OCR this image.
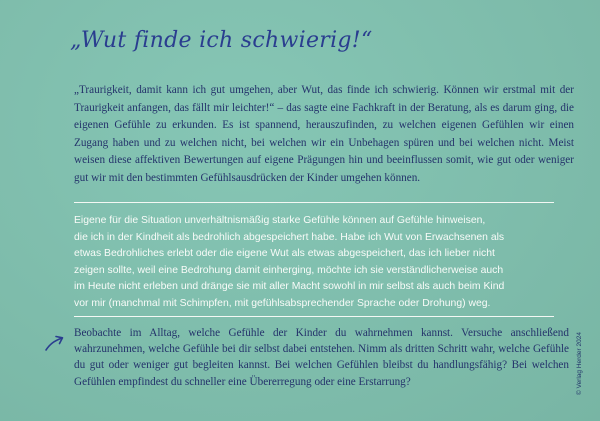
„Wut finde ich schwierig!“
„Traurigkeit, damit kann ich gut umgehen, aber Wut, das finde ich schwierig. Können wir erstmal mit der Traurigkeit anfangen, das fällt mir leichter!“ – das sagte eine Fachkraft in der Beratung, als es darum ging, die eigenen Gefühle zu erkunden. Es ist spannend, herauszufinden, zu welchen eigenen Gefühlen wir einen Zugang haben und zu welchen nicht, bei welchen wir ein Unbehagen spüren und bei welchen nicht. Meist weisen diese affektiven Bewertungen auf eigene Prägungen hin und beeinflussen somit, wie gut oder weniger gut wir mit den bestimmten Gefühlsausdrücken der Kinder umgehen können.
Eigene für die Situation unverhältnismäßig starke Gefühle können auf Gefühle hinweisen,
die ich in der Kindheit als bedrohlich abgespeichert habe. Habe ich Wut von Erwachsenen als
etwas Bedrohliches erlebt oder die eigene Wut als etwas abgespeichert, das ich lieber nicht
zeigen sollte, weil eine Bedrohung damit einherging, möchte ich sie verständlicherweise auch
im Heute nicht erleben und dränge sie mit aller Macht sowohl in mir selbst als auch beim Kind
vor mir (manchmal mit Schimpfen, mit gefühlsabsprechender Sprache oder Drohung) weg.
Beobachte im Alltag, welche Gefühle der Kinder du wahrnehmen kannst. Versuche anschließend wahrzunehmen, welche Gefühle bei dir selbst dabei entstehen. Nimm als dritten Schritt wahr, welche Gefühle du gut oder weniger gut begleiten kannst. Bei welchen Gefühlen bleibst du handlungsfähig? Bei welchen Gefühlen empfindest du schneller eine Übererregung oder eine Erstarrung?	© Verlag Herder 2024
